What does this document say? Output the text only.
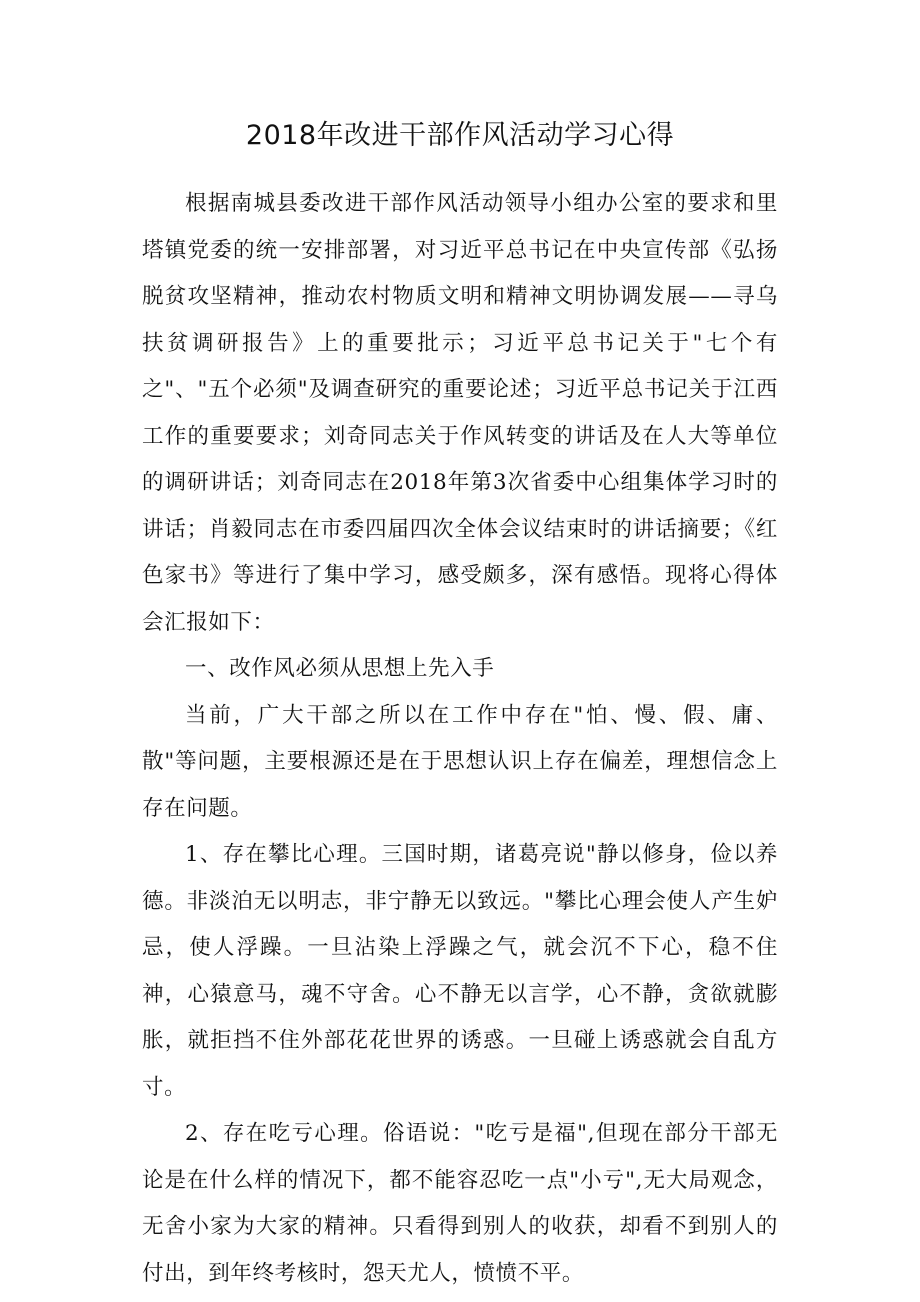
2018年改进干部作风活动学习心得

根据南城县委改进干部作风活动领导小组办公室的要求和里塔镇党委的统一安排部署，对习近平总书记在中央宣传部《弘扬脱贫攻坚精神，推动农村物质文明和精神文明协调发展——寻乌扶贫调研报告》上的重要批示；习近平总书记关于"七个有之"、"五个必须"及调查研究的重要论述；习近平总书记关于江西工作的重要要求；刘奇同志关于作风转变的讲话及在人大等单位的调研讲话；刘奇同志在2018年第3次省委中心组集体学习时的讲话；肖毅同志在市委四届四次全体会议结束时的讲话摘要；《红色家书》等进行了集中学习，感受颇多，深有感悟。现将心得体会汇报如下：

一、改作风必须从思想上先入手

当前，广大干部之所以在工作中存在"怕、慢、假、庸、散"等问题，主要根源还是在于思想认识上存在偏差，理想信念上存在问题。

1、存在攀比心理。三国时期，诸葛亮说"静以修身，俭以养德。非淡泊无以明志，非宁静无以致远。"攀比心理会使人产生妒忌，使人浮躁。一旦沾染上浮躁之气，就会沉不下心，稳不住神，心猿意马，魂不守舍。心不静无以言学，心不静，贪欲就膨胀，就拒挡不住外部花花世界的诱惑。一旦碰上诱惑就会自乱方寸。

2、存在吃亏心理。俗语说："吃亏是福",但现在部分干部无论是在什么样的情况下，都不能容忍吃一点"小亏",无大局观念，无舍小家为大家的精神。只看得到别人的收获，却看不到别人的付出，到年终考核时，怨天尤人，愤愤不平。
